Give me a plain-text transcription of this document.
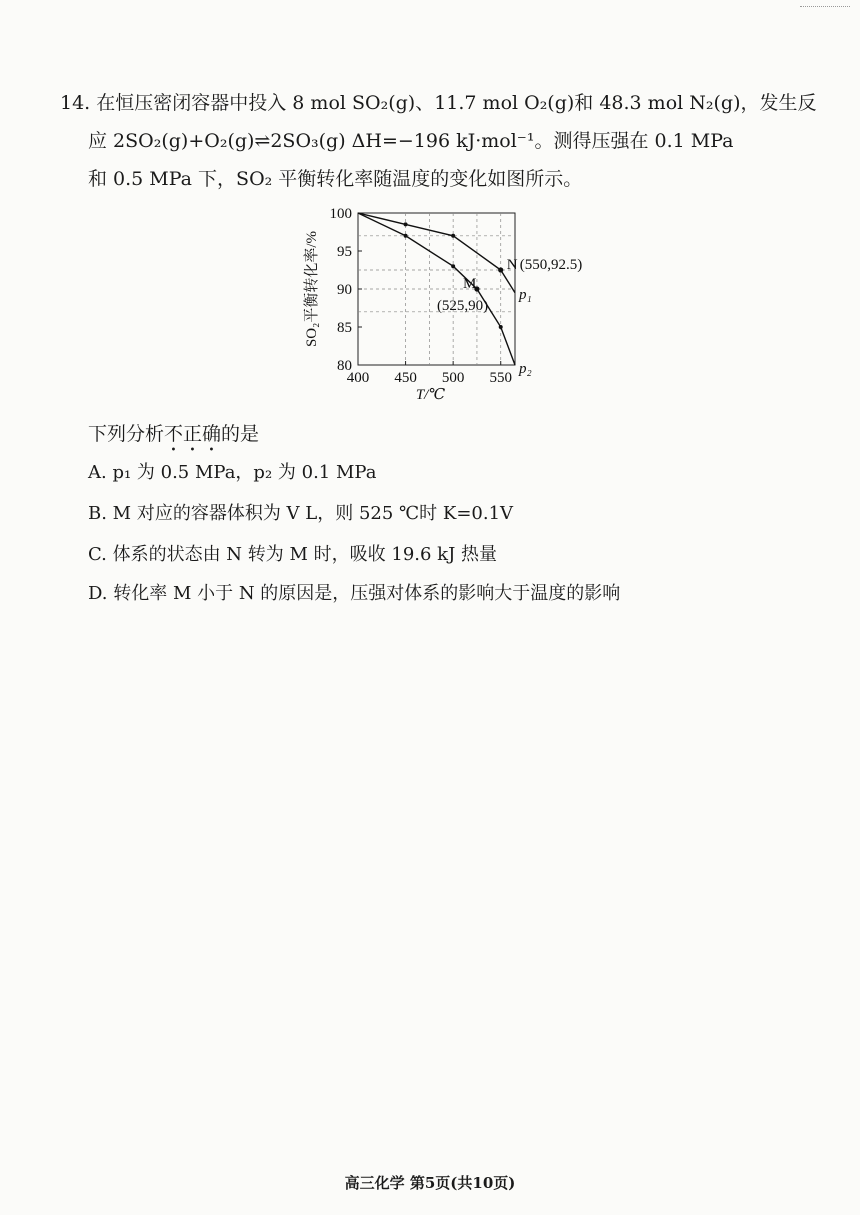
14. 在恒压密闭容器中投入 8 mol SO₂(g)、11.7 mol O₂(g)和 48.3 mol N₂(g)，发生反

应 2SO₂(g)+O₂(g)⇌2SO₃(g) ΔH=−196 kJ·mol⁻¹。测得压强在 0.1 MPa

和 0.5 MPa 下，SO₂ 平衡转化率随温度的变化如图所示。

400 450 500 550
80
85
90
95
100
T/℃
SO₂平衡转化率/%	p₁
p₂
N (550,92.5)
M
(525,90)
下列分析不正确的是
A. p₁ 为 0.5 MPa，p₂ 为 0.1 MPa
B. M 对应的容器体积为 V L，则 525 ℃时 K=0.1V
C. 体系的状态由 N 转为 M 时，吸收 19.6 kJ 热量
D. 转化率 M 小于 N 的原因是，压强对体系的影响大于温度的影响
高三化学 第5页(共10页)
